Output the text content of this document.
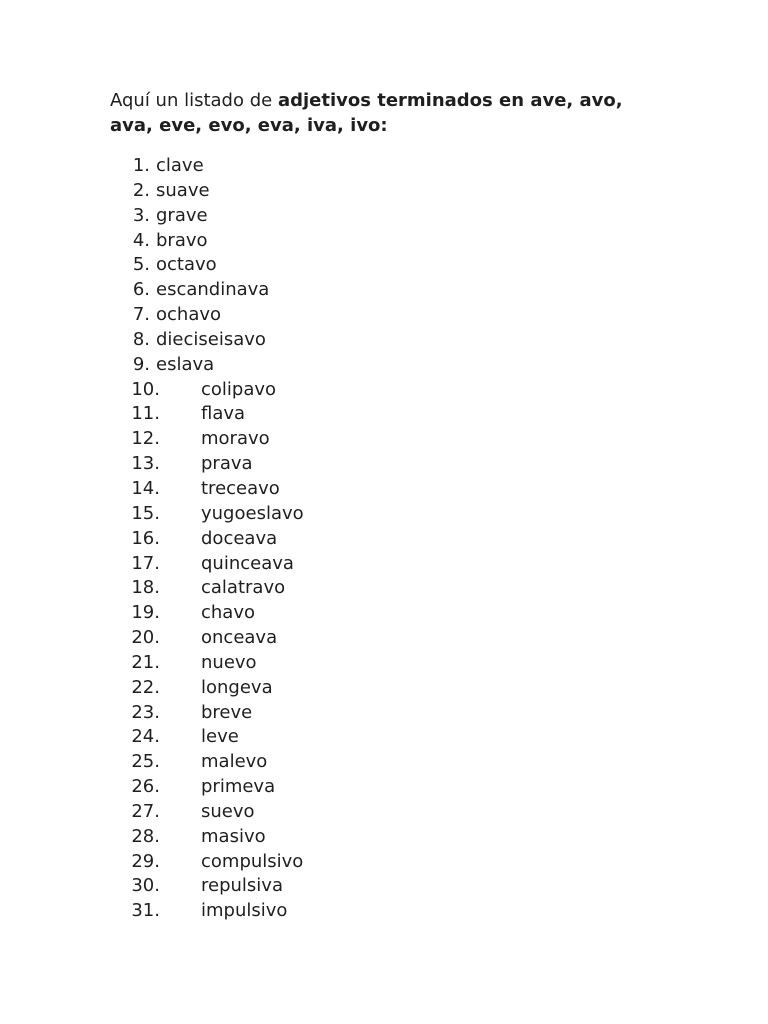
Aquí un listado de adjetivos terminados en ave, avo, ava, eve, evo, eva, iva, ivo:

1. clave
2. suave
3. grave
4. bravo
5. octavo
6. escandinava
7. ochavo
8. dieciseisavo
9. eslava
10. colipavo
11. flava
12. moravo
13. prava
14. treceavo
15. yugoeslavo
16. doceava
17. quinceava
18. calatravo
19. chavo
20. onceava
21. nuevo
22. longeva
23. breve
24. leve
25. malevo
26. primeva
27. suevo
28. masivo
29. compulsivo
30. repulsiva
31. impulsivo
